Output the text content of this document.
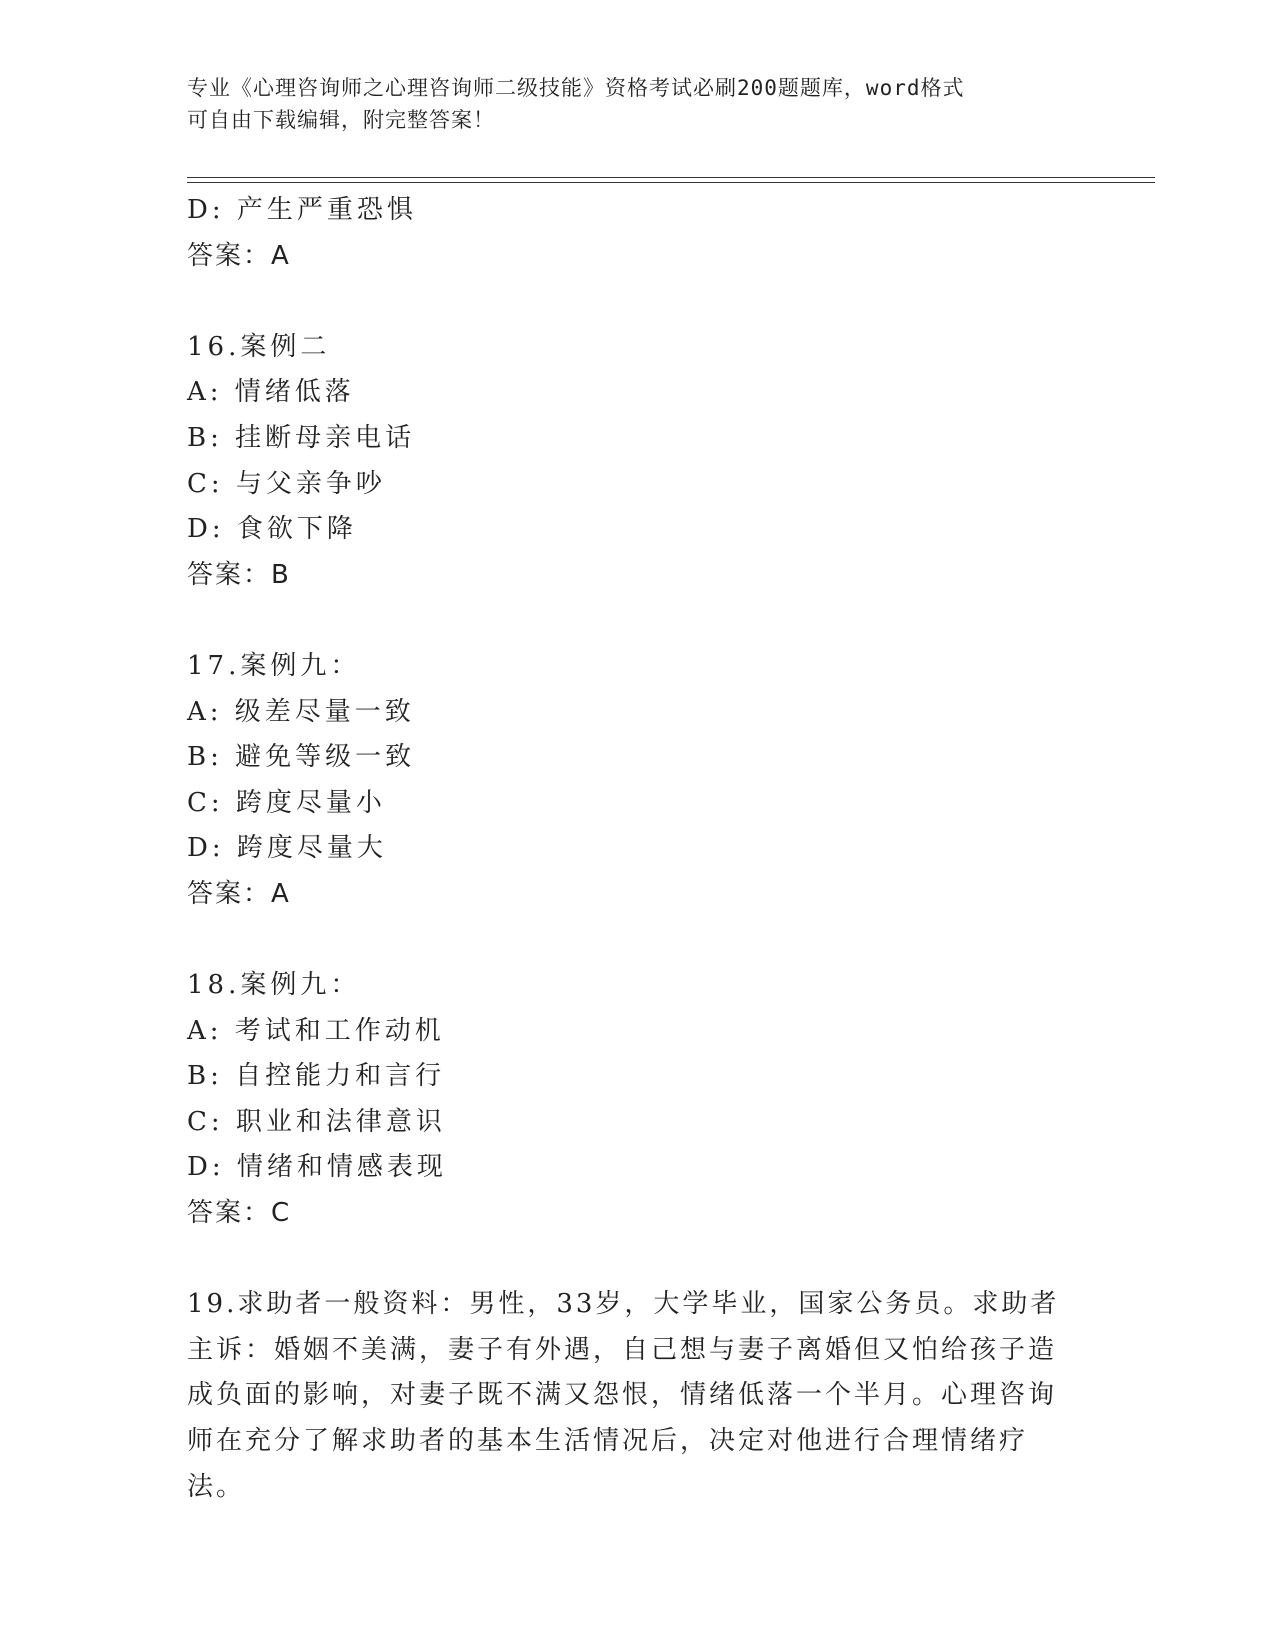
专业《心理咨询师之心理咨询师二级技能》资格考试必刷200题题库，word格式
可自由下载编辑，附完整答案！
D: 产生严重恐惧
答案：A
16.案例二
A: 情绪低落
B: 挂断母亲电话
C: 与父亲争吵
D: 食欲下降
答案：B
17.案例九：
A: 级差尽量一致
B: 避免等级一致
C: 跨度尽量小
D: 跨度尽量大
答案：A
18.案例九：
A: 考试和工作动机
B: 自控能力和言行
C: 职业和法律意识
D: 情绪和情感表现
答案：C
19.求助者一般资料：男性，33岁，大学毕业，国家公务员。求助者主诉：婚姻不美满，妻子有外遇，自己想与妻子离婚但又怕给孩子造成负面的影响，对妻子既不满又怨恨，情绪低落一个半月。心理咨询师在充分了解求助者的基本生活情况后，决定对他进行合理情绪疗法。
